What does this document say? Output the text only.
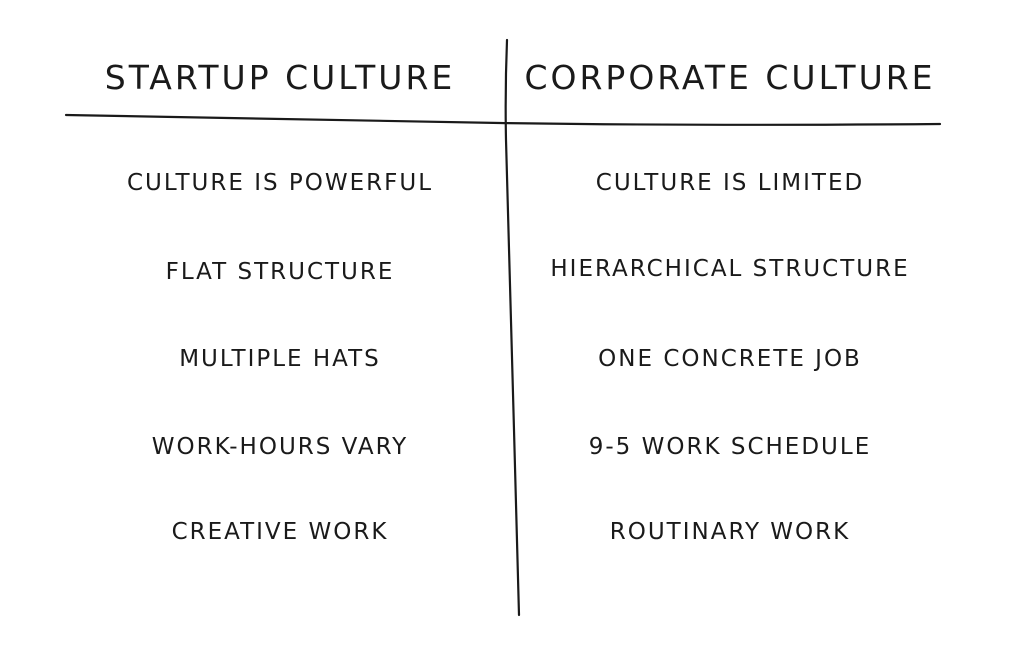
STARTUP CULTURE	CORPORATE CULTURE
CULTURE IS POWERFUL
FLAT STRUCTURE
MULTIPLE HATS
WORK-HOURS VARY
CREATIVE WORK
CULTURE IS LIMITED
HIERARCHICAL STRUCTURE
ONE CONCRETE JOB
9-5 WORK SCHEDULE
ROUTINARY WORK
